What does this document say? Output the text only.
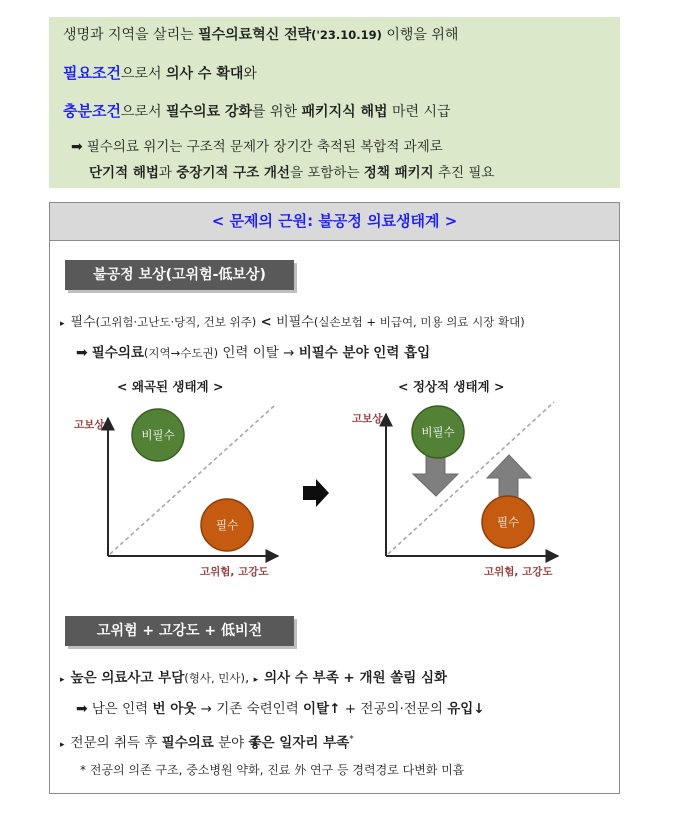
생명과 지역을 살리는 필수의료혁신 전략('23.10.19) 이행을 위해
필요조건으로서 의사 수 확대와
충분조건으로서 필수의료 강화를 위한 패키지식 해법 마련 시급
➡ 필수의료 위기는 구조적 문제가 장기간 축적된 복합적 과제로
단기적 해법과 중장기적 구조 개선을 포함하는 정책 패키지 추진 필요
< 문제의 근원: 불공정 의료생태계 >
불공정 보상(고위험-低보상)
▸ 필수(고위험·고난도·당직, 건보 위주) < 비필수(실손보험 + 비급여, 미용 의료 시장 확대)
➡ 필수의료(지역→수도권) 인력 이탈 → 비필수 분야 인력 흡입
< 왜곡된 생태계 >	< 정상적 생태계 >
고보상
고위험, 고강도
비필수
필수
고보상
고위험, 고강도
비필수
필수
고위험 + 고강도 + 低비전
▸ 높은 의료사고 부담(형사, 민사), ▸ 의사 수 부족 + 개원 쏠림 심화
➡ 남은 인력 번 아웃 → 기존 숙련인력 이탈↑ + 전공의·전문의 유입↓
▸ 전문의 취득 후 필수의료 분야 좋은 일자리 부족*
* 전공의 의존 구조, 중소병원 약화, 진료 外 연구 등 경력경로 다변화 미흡
